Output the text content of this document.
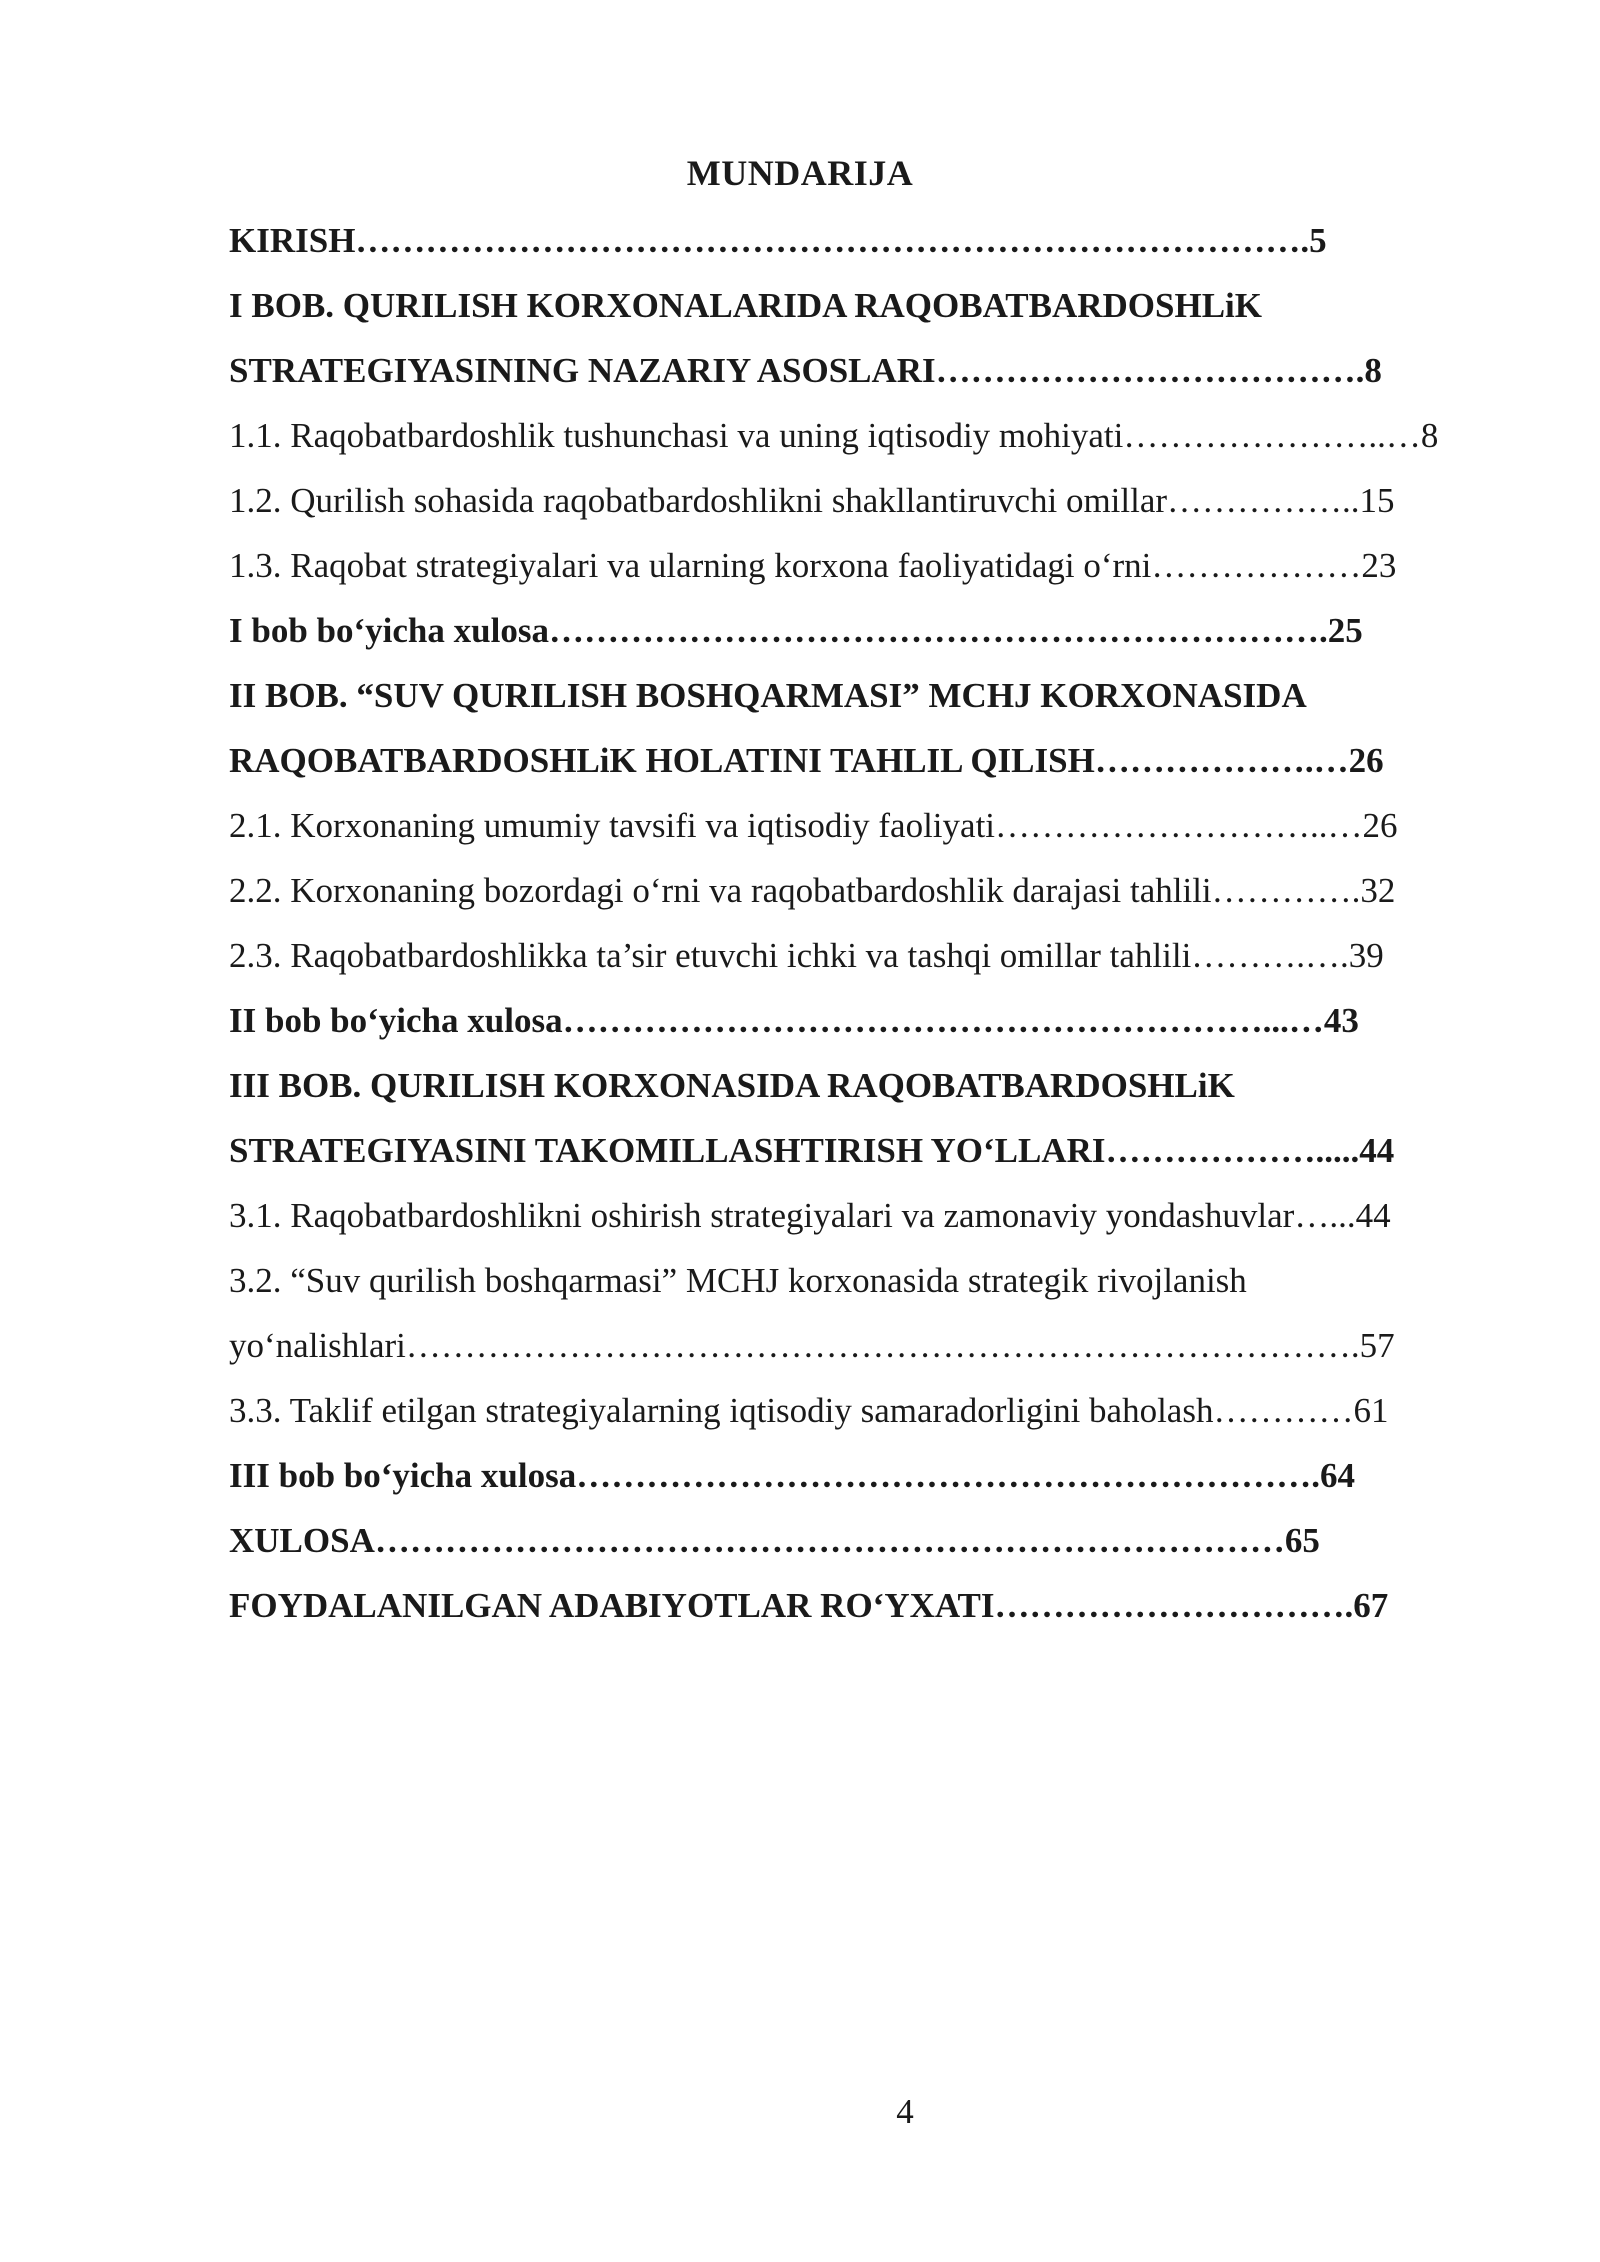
MUNDARIJA
KIRISH……………………………………………………………………….5
I BOB. QURILISH KORXONALARIDA RAQOBATBARDOSHLiK
STRATEGIYASINING NAZARIY ASOSLARI……………………………….8
1.1. Raqobatbardoshlik tushunchasi va uning iqtisodiy mohiyati…………………..…8
1.2. Qurilish sohasida raqobatbardoshlikni shakllantiruvchi omillar……………..15
1.3. Raqobat strategiyalari va ularning korxona faoliyatidagi o‘rni………………23
I bob bo‘yicha xulosa………………………………………………………….25
II BOB. “SUV QURILISH BOSHQARMASI” MCHJ KORXONASIDA
RAQOBATBARDOSHLiK HOLATINI TAHLIL QILISH……………….…26
2.1. Korxonaning umumiy tavsifi va iqtisodiy faoliyati………………………..…26
2.2. Korxonaning bozordagi o‘rni va raqobatbardoshlik darajasi tahlili………….32
2.3. Raqobatbardoshlikka ta’sir etuvchi ichki va tashqi omillar tahlili……….….39
II bob bo‘yicha xulosa……………………………………………………...…43
III BOB. QURILISH KORXONASIDA RAQOBATBARDOSHLiK
STRATEGIYASINI TAKOMILLASHTIRISH YO‘LLARI……………….....44
3.1. Raqobatbardoshlikni oshirish strategiyalari va zamonaviy yondashuvlar…...44
3.2. “Suv qurilish boshqarmasi” MCHJ korxonasida strategik rivojlanish
yo‘nalishlari……………………………………………………………………….57
3.3. Taklif etilgan strategiyalarning iqtisodiy samaradorligini baholash…………61
III bob bo‘yicha xulosa……………………………………………………….64
XULOSA……………………………………………………………………65
FOYDALANILGAN ADABIYOTLAR RO‘YXATI………………………….67
4
